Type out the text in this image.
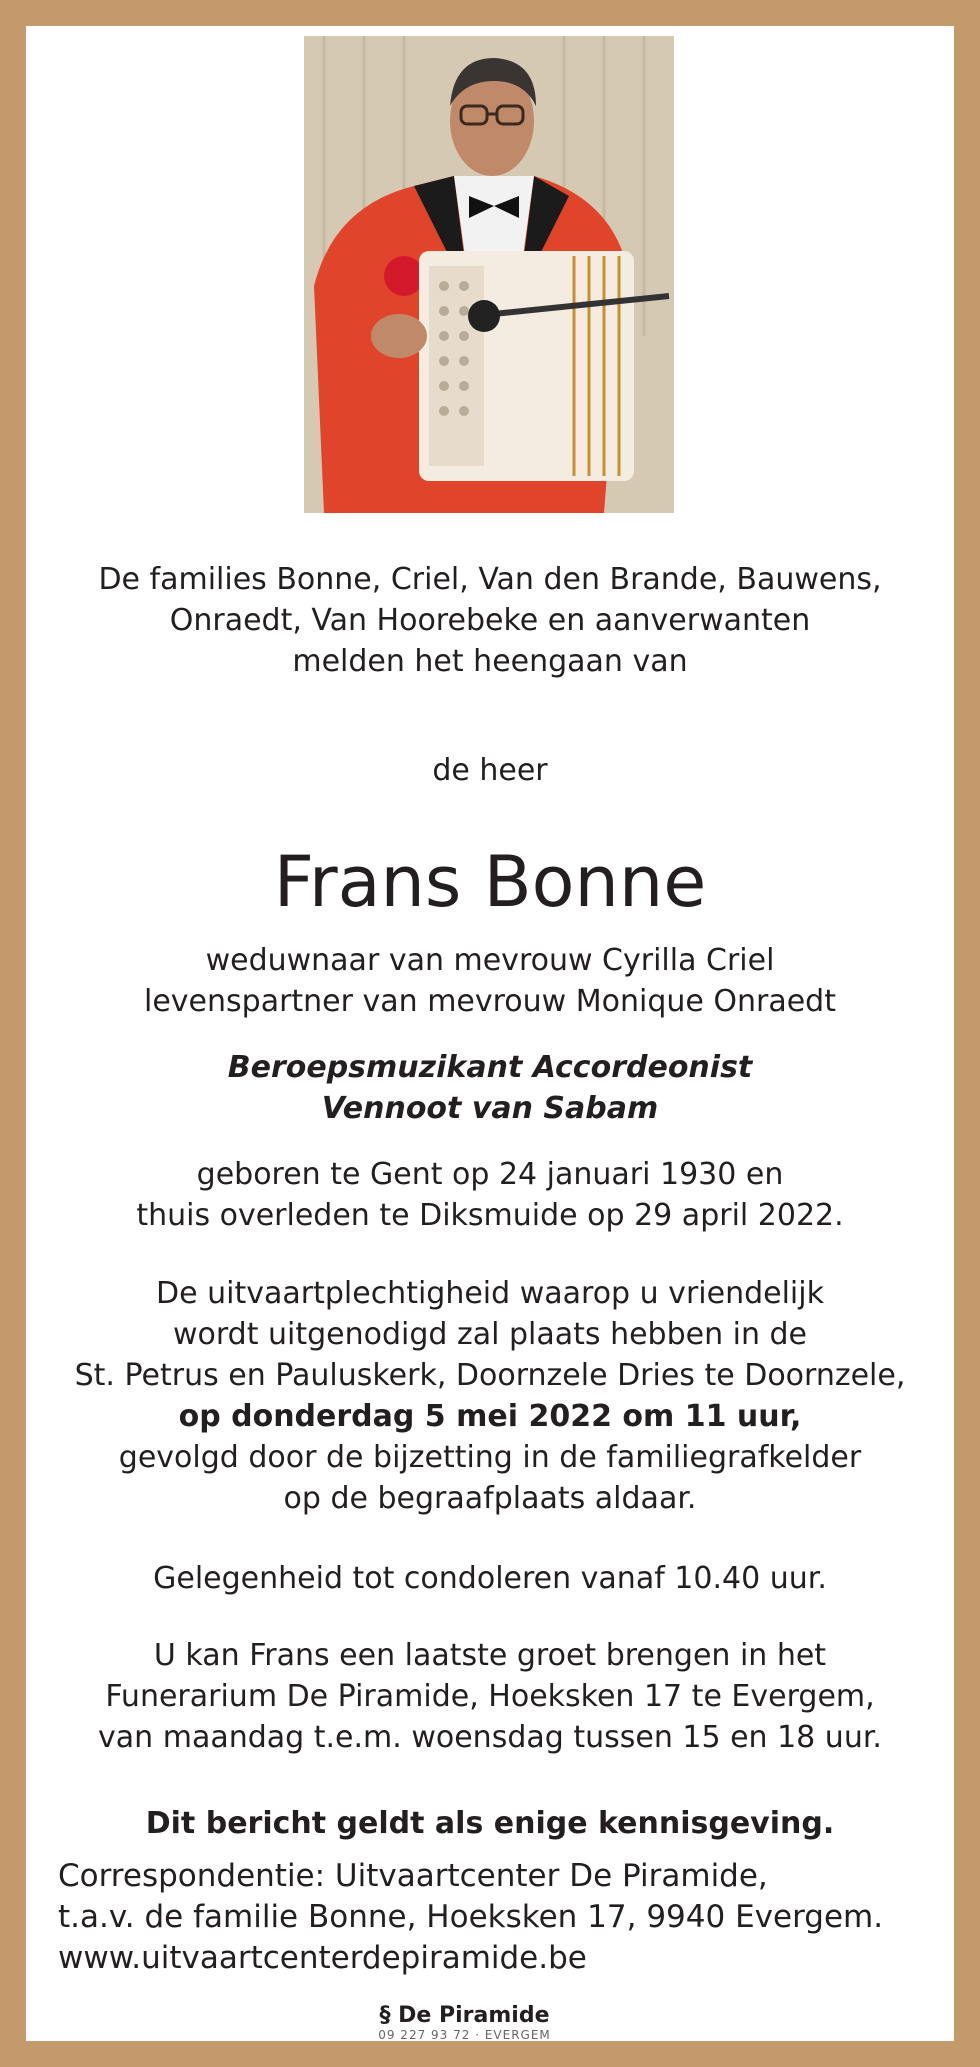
De families Bonne, Criel, Van den Brande, Bauwens,
Onraedt, Van Hoorebeke en aanverwanten
melden het heengaan van
de heer
Frans Bonne
weduwnaar van mevrouw Cyrilla Criel
levenspartner van mevrouw Monique Onraedt
Beroepsmuzikant Accordeonist
Vennoot van Sabam
geboren te Gent op 24 januari 1930 en
thuis overleden te Diksmuide op 29 april 2022.
De uitvaartplechtigheid waarop u vriendelijk
wordt uitgenodigd zal plaats hebben in de
St. Petrus en Pauluskerk, Doornzele Dries te Doornzele,
op donderdag 5 mei 2022 om 11 uur,
gevolgd door de bijzetting in de familiegrafkelder
op de begraafplaats aldaar.
Gelegenheid tot condoleren vanaf 10.40 uur.
U kan Frans een laatste groet brengen in het
Funerarium De Piramide, Hoeksken 17 te Evergem,
van maandag t.e.m. woensdag tussen 15 en 18 uur.
Dit bericht geldt als enige kennisgeving.
Correspondentie: Uitvaartcenter De Piramide,
t.a.v. de familie Bonne, Hoeksken 17, 9940 Evergem.
www.uitvaartcenterdepiramide.be
§ De Piramide
09 227 93 72 · EVERGEM
